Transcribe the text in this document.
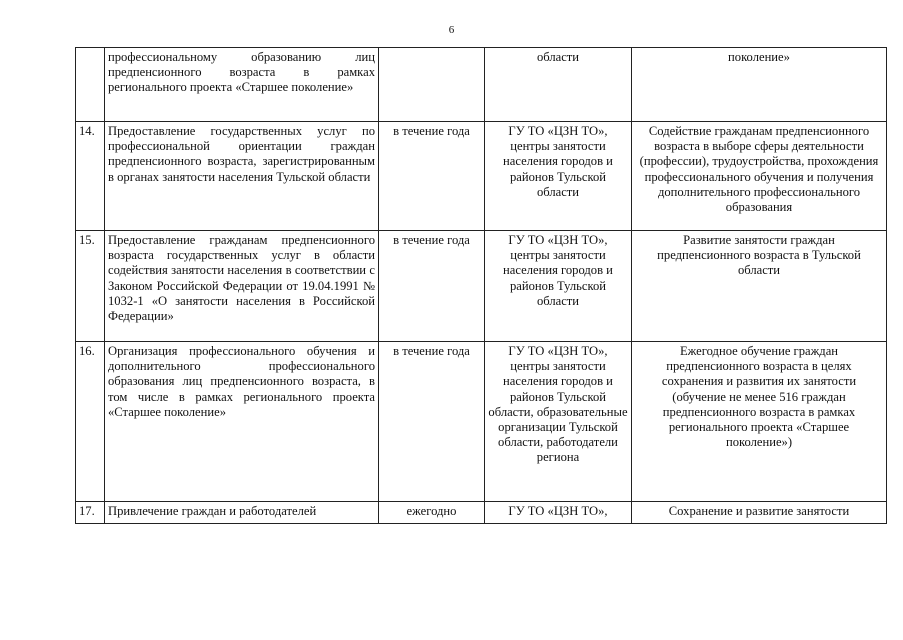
6
	профессиональному образованию лиц предпенсионного возраста в рамках регионального проекта «Старшее поколение»		области	поколение»
14.	Предоставление государственных услуг по профессиональной ориентации граждан предпенсионного возраста, зарегистрированным в органах занятости населения Тульской области	в течение года	ГУ ТО «ЦЗН ТО», центры занятости населения городов и районов Тульской области	Содействие гражданам предпенсионного возраста в выборе сферы деятельности (профессии), трудоустройства, прохождения профессионального обучения и получения дополнительного профессионального образования
15.	Предоставление гражданам предпенсионного возраста государственных услуг в области содействия занятости населения в соответствии с Законом Российской Федерации от 19.04.1991 № 1032-1 «О занятости населения в Российской Федерации»	в течение года	ГУ ТО «ЦЗН ТО», центры занятости населения городов и районов Тульской области	Развитие занятости граждан предпенсионного возраста в Тульской области
16.	Организация профессионального обучения и дополнительного профессионального образования лиц предпенсионного возраста, в том числе в рамках регионального проекта «Старшее поколение»	в течение года	ГУ ТО «ЦЗН ТО», центры занятости населения городов и районов Тульской области, образовательные организации Тульской области, работодатели региона	Ежегодное обучение граждан предпенсионного возраста в целях сохранения и развития их занятости (обучение не менее 516 граждан предпенсионного возраста в рамках регионального проекта «Старшее поколение»)
17.	Привлечение граждан и работодателей	ежегодно	ГУ ТО «ЦЗН ТО»,	Сохранение и развитие занятости
